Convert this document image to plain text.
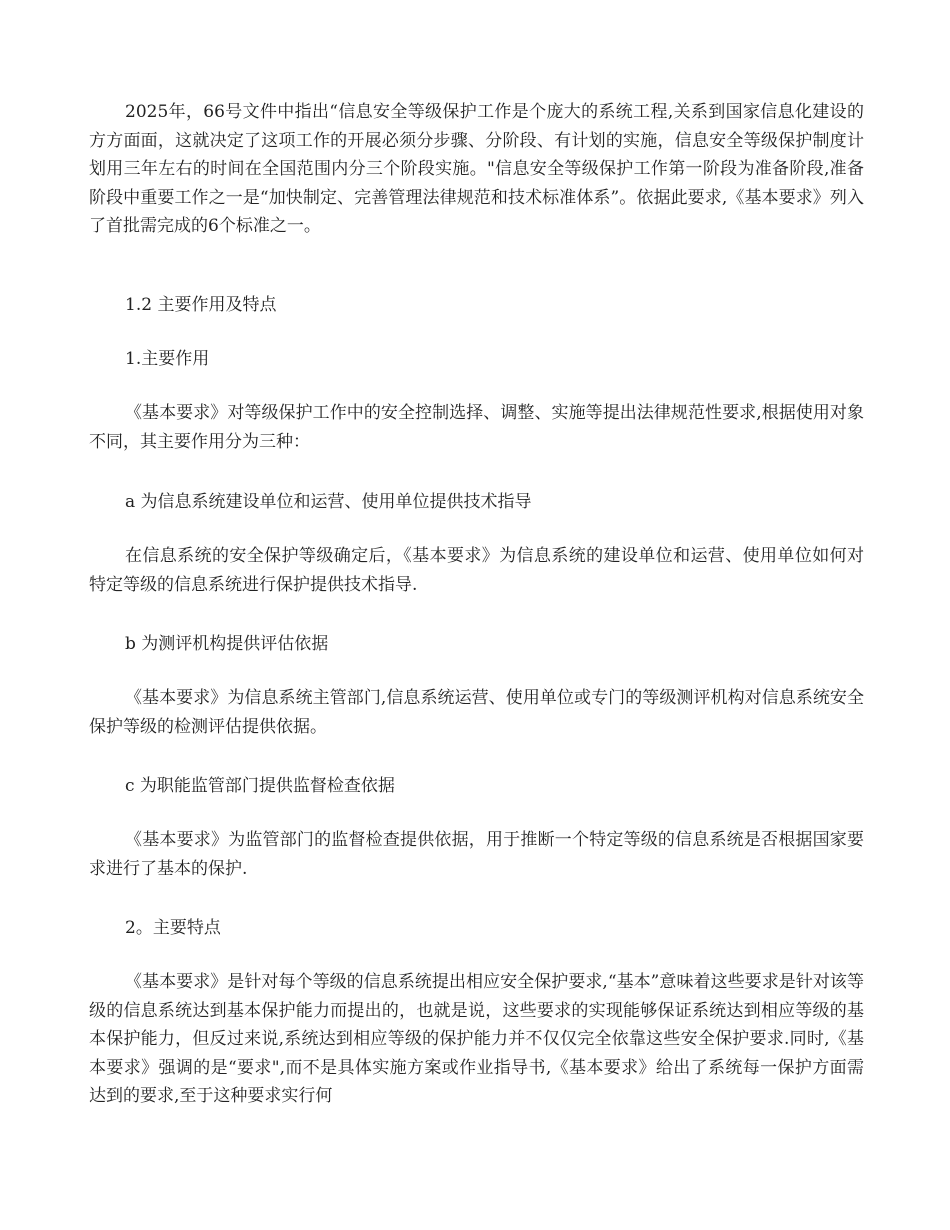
2025年，66号文件中指出“信息安全等级保护工作是个庞大的系统工程,关系到国家信息化建设的方方面面，这就决定了这项工作的开展必须分步骤、分阶段、有计划的实施，信息安全等级保护制度计划用三年左右的时间在全国范围内分三个阶段实施。"信息安全等级保护工作第一阶段为准备阶段,准备阶段中重要工作之一是“加快制定、完善管理法律规范和技术标准体系”。依据此要求,《基本要求》列入了首批需完成的6个标准之一。

1.2 主要作用及特点

1.主要作用

《基本要求》对等级保护工作中的安全控制选择、调整、实施等提出法律规范性要求,根据使用对象不同，其主要作用分为三种：

a 为信息系统建设单位和运营、使用单位提供技术指导

在信息系统的安全保护等级确定后，《基本要求》为信息系统的建设单位和运营、使用单位如何对特定等级的信息系统进行保护提供技术指导.

b 为测评机构提供评估依据

《基本要求》为信息系统主管部门,信息系统运营、使用单位或专门的等级测评机构对信息系统安全保护等级的检测评估提供依据。

c 为职能监管部门提供监督检查依据

《基本要求》为监管部门的监督检查提供依据，用于推断一个特定等级的信息系统是否根据国家要求进行了基本的保护.

2。主要特点

《基本要求》是针对每个等级的信息系统提出相应安全保护要求,“基本”意味着这些要求是针对该等级的信息系统达到基本保护能力而提出的，也就是说，这些要求的实现能够保证系统达到相应等级的基本保护能力，但反过来说,系统达到相应等级的保护能力并不仅仅完全依靠这些安全保护要求.同时,《基本要求》强调的是“要求",而不是具体实施方案或作业指导书,《基本要求》给出了系统每一保护方面需达到的要求,至于这种要求实行何
